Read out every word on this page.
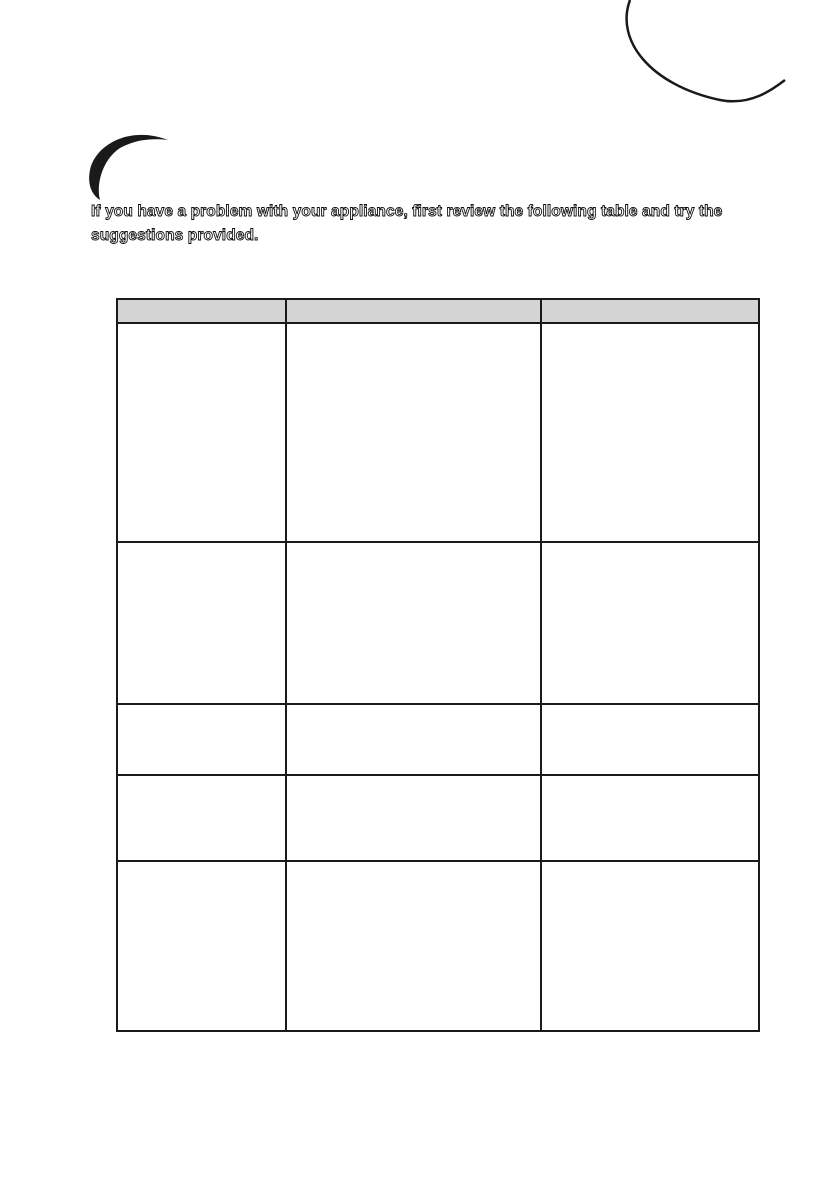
If you have a problem with your appliance, first review the following table and try the
suggestions provided.
